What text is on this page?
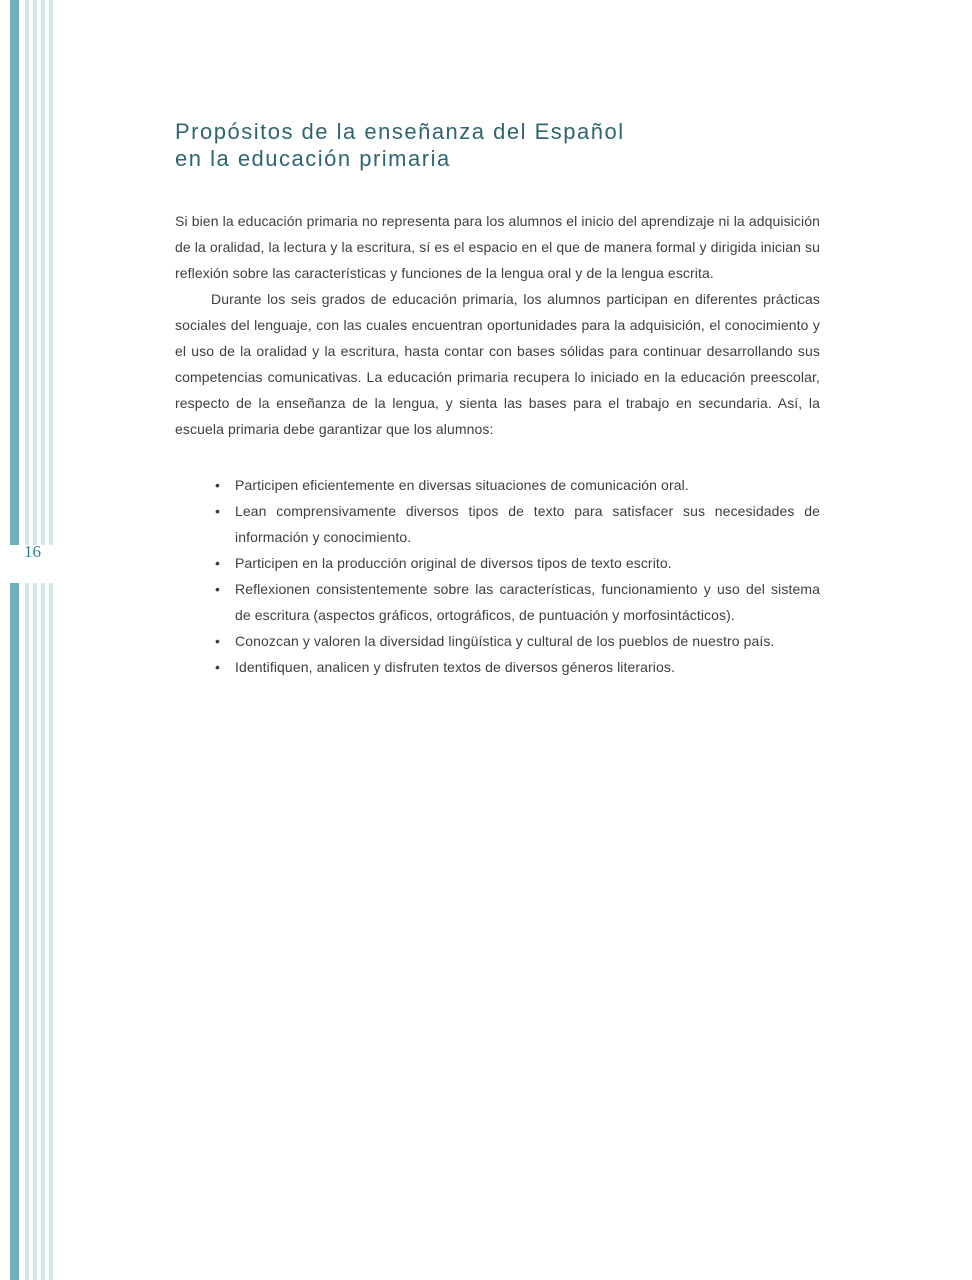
16
Propósitos de la enseñanza del Español
en la educación primaria

Si bien la educación primaria no representa para los alumnos el inicio del aprendizaje ni la adquisición de la oralidad, la lectura y la escritura, sí es el espacio en el que de manera formal y dirigida inician su reflexión sobre las características y funciones de la lengua oral y de la lengua escrita.

Durante los seis grados de educación primaria, los alumnos participan en diferentes prácticas sociales del lenguaje, con las cuales encuentran oportunidades para la adquisición, el conocimiento y el uso de la oralidad y la escritura, hasta contar con bases sólidas para continuar desarrollando sus competencias comunicativas. La educación primaria recupera lo iniciado en la educación preescolar, respecto de la enseñanza de la lengua, y sienta las bases para el trabajo en secundaria. Así, la escuela primaria debe garantizar que los alumnos:

• Participen eficientemente en diversas situaciones de comunicación oral.
• Lean comprensivamente diversos tipos de texto para satisfacer sus necesidades de información y conocimiento.
• Participen en la producción original de diversos tipos de texto escrito.
• Reflexionen consistentemente sobre las características, funcionamiento y uso del sistema de escritura (aspectos gráficos, ortográficos, de puntuación y morfosintácticos).
• Conozcan y valoren la diversidad lingüística y cultural de los pueblos de nuestro país.
• Identifiquen, analicen y disfruten textos de diversos géneros literarios.
